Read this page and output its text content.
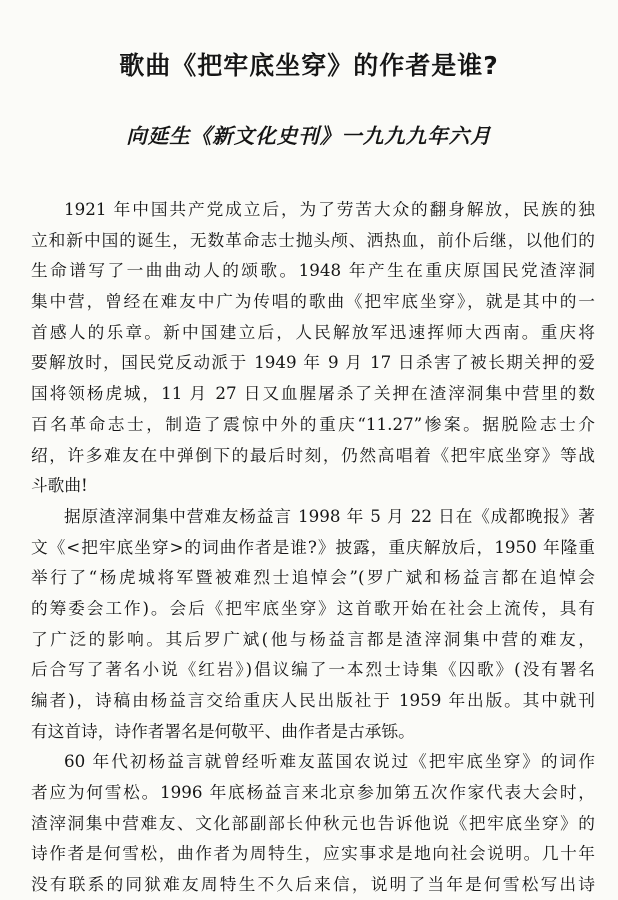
歌曲《把牢底坐穿》的作者是谁?
向延生《新文化史刊》一九九九年六月
1921 年中国共产党成立后，为了劳苦大众的翻身解放，民族的独
立和新中国的诞生，无数革命志士抛头颅、洒热血，前仆后继，以他们的
生命谱写了一曲曲动人的颂歌。1948 年产生在重庆原国民党渣滓洞
集中营，曾经在难友中广为传唱的歌曲《把牢底坐穿》，就是其中的一
首感人的乐章。新中国建立后，人民解放军迅速挥师大西南。重庆将
要解放时，国民党反动派于 1949 年 9 月 17 日杀害了被长期关押的爱
国将领杨虎城，11 月 27 日又血腥屠杀了关押在渣滓洞集中营里的数
百名革命志士，制造了震惊中外的重庆“11.27”惨案。据脱险志士介
绍，许多难友在中弹倒下的最后时刻，仍然高唱着《把牢底坐穿》等战
斗歌曲!
据原渣滓洞集中营难友杨益言 1998 年 5 月 22 日在《成都晚报》著
文《<把牢底坐穿>的词曲作者是谁?》披露，重庆解放后，1950 年隆重
举行了“杨虎城将军暨被难烈士追悼会”(罗广斌和杨益言都在追悼会
的筹委会工作)。会后《把牢底坐穿》这首歌开始在社会上流传，具有
了广泛的影响。其后罗广斌(他与杨益言都是渣滓洞集中营的难友，
后合写了著名小说《红岩》)倡议编了一本烈士诗集《囚歌》(没有署名
编者)，诗稿由杨益言交给重庆人民出版社于 1959 年出版。其中就刊
有这首诗，诗作者署名是何敬平、曲作者是古承铄。
60 年代初杨益言就曾经听难友蓝国农说过《把牢底坐穿》的词作
者应为何雪松。1996 年底杨益言来北京参加第五次作家代表大会时，
渣滓洞集中营难友、文化部副部长仲秋元也告诉他说《把牢底坐穿》的
诗作者是何雪松，曲作者为周特生，应实事求是地向社会说明。几十年
没有联系的同狱难友周特生不久后来信，说明了当年是何雪松写出诗
